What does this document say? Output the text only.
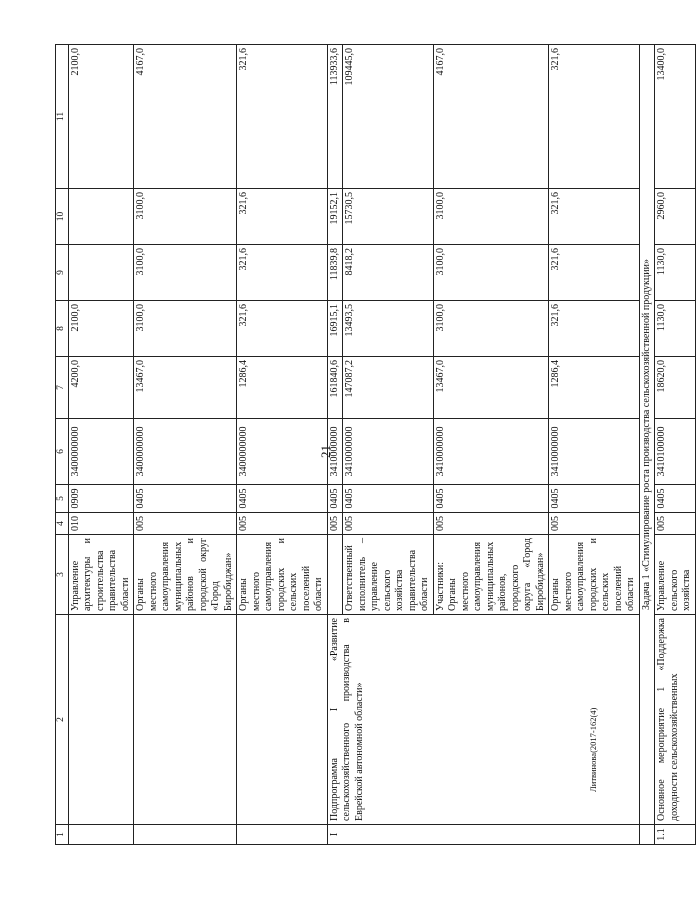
21
1	2	3	4	5	6	7	8	9	10	11
		Управление архитектуры и строительства правительства области	010	0909	3400000000	4200,0	2100,0			2100,0
		Органы местного самоуправления муниципальных районов и городской округ «Город Биробиджан»	005	0405	3400000000	13467,0	3100,0	3100,0	3100,0	4167,0
		Органы местного самоуправления городских и сельских поселений области	005	0405	3400000000	1286,4	321,6	321,6	321,6	321,6
I	Подпрограмма I «Развитие сельскохозяйственного производства в Еврейской автономной области»		005	0405	3410000000	161840,6	16915,1	11839,8	19152,1	113933,6
		Ответственный исполнитель – управление сельского хозяйства правительства области	005	0405	3410000000	147087,2	13493,5	8418,2	15730,5	109445,0
		Участники: Органы местного самоуправления муниципальных районов, городского округа «Город Биробиджан»	005	0405	3410000000	13467,0	3100,0	3100,0	3100,0	4167,0
		Органы местного самоуправления городских и сельских поселений области	005	0405	3410000000	1286,4	321,6	321,6	321,6	321,6
	Задача 1 «Стимулирование роста производства сельскохозяйственной продукции»									
1.1	Основное мероприятие 1 «Поддержка доходности сельскохозяйственных	Управление сельского хозяйства	005	0405	3410100000	18620,0	1130,0	1130,0	2960,0	13400,0
Литвинова(2017-162(4)
